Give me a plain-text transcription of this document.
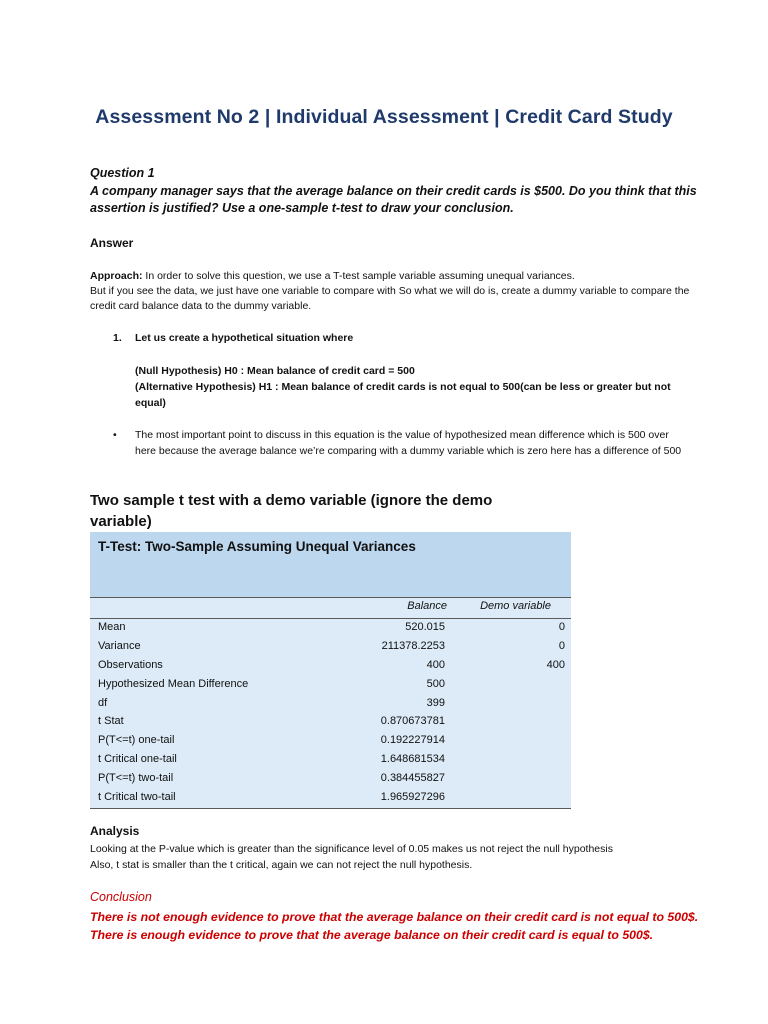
Assessment No 2 | Individual Assessment | Credit Card Study
Question 1
A company manager says that the average balance on their credit cards is $500. Do you think that this assertion is justified? Use a one-sample t-test to draw your conclusion.
Answer
Approach: In order to solve this question, we use a T-test sample variable assuming unequal variances.
But if you see the data, we just have one variable to compare with So what we will do is, create a dummy variable to compare the credit card balance data to the dummy variable.
1. Let us create a hypothetical situation where
(Null Hypothesis) H0 : Mean balance of credit card = 500
(Alternative Hypothesis) H1 : Mean balance of credit cards is not equal to 500(can be less or greater but not equal)
• The most important point to discuss in this equation is the value of hypothesized mean difference which is 500 over here because the average balance we’re comparing with a dummy variable which is zero here has a difference of 500
Two sample t test with a demo variable (ignore the demo variable)
T-Test: Two-Sample Assuming Unequal Variances
Balance	Demo variable
Mean	520.015	0
Variance	211378.2253	0
Observations	400	400
Hypothesized Mean Difference	500
df	399
t Stat	0.870673781
P(T<=t) one-tail	0.192227914
t Critical one-tail	1.648681534
P(T<=t) two-tail	0.384455827
t Critical two-tail	1.965927296
Analysis
Looking at the P-value which is greater than the significance level of 0.05 makes us not reject the null hypothesis
Also, t stat is smaller than the t critical, again we can not reject the null hypothesis.
Conclusion
There is not enough evidence to prove that the average balance on their credit card is not equal to 500$.
There is enough evidence to prove that the average balance on their credit card is equal to 500$.
